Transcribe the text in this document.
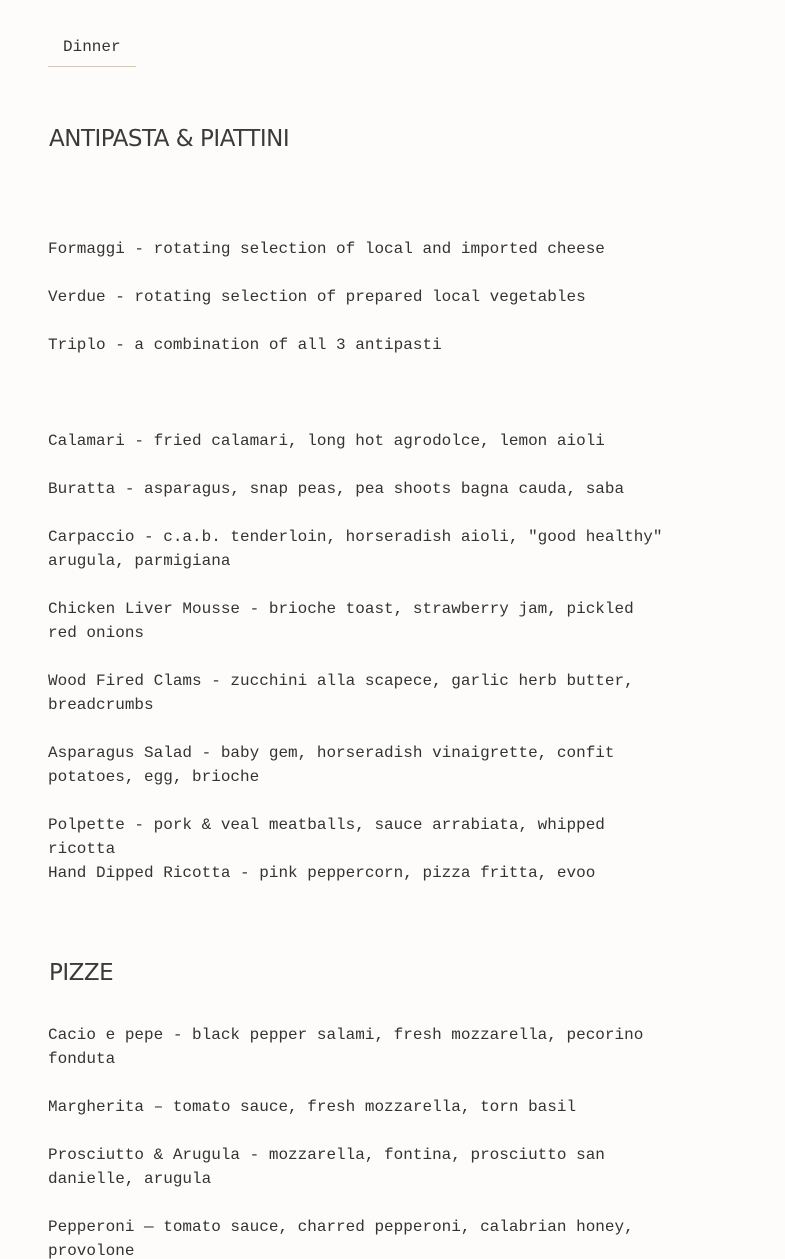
Dinner
ANTIPASTA & PIATTINI

Formaggi - rotating selection of local and imported cheese

Verdue - rotating selection of prepared local vegetables

Triplo - a combination of all 3 antipasti

Calamari - fried calamari, long hot agrodolce, lemon aioli

Buratta - asparagus, snap peas, pea shoots bagna cauda, saba

Carpaccio - c.a.b. tenderloin, horseradish aioli, "good healthy" arugula, parmigiana

Chicken Liver Mousse - brioche toast, strawberry jam, pickled red onions

Wood Fired Clams - zucchini alla scapece, garlic herb butter, breadcrumbs

Asparagus Salad - baby gem, horseradish vinaigrette, confit potatoes, egg, brioche

Polpette - pork & veal meatballs, sauce arrabiata, whipped ricotta

Hand Dipped Ricotta - pink peppercorn, pizza fritta, evoo

PIZZE

Cacio e pepe - black pepper salami, fresh mozzarella, pecorino fonduta

Margherita – tomato sauce, fresh mozzarella, torn basil

Prosciutto & Arugula - mozzarella, fontina, prosciutto san danielle, arugula

Pepperoni — tomato sauce, charred pepperoni, calabrian honey, provolone
